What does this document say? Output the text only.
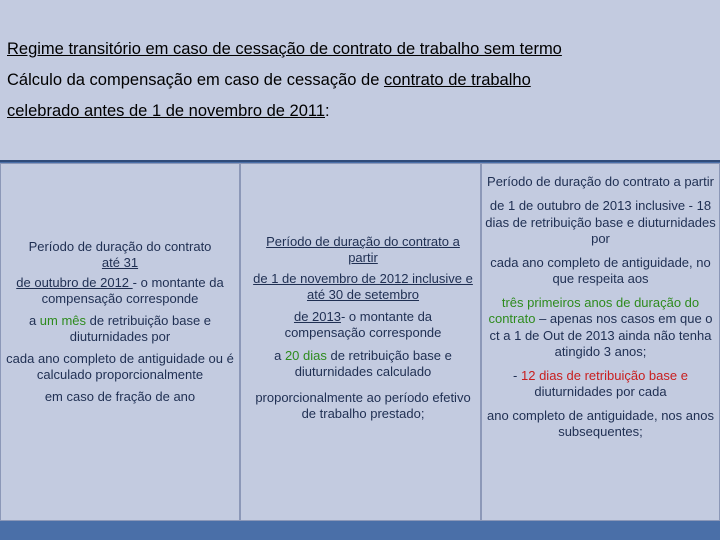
Regime transitório em caso de cessação de contrato de trabalho sem termo
Cálculo da compensação em caso de cessação de contrato de trabalho
celebrado antes de 1 de novembro de 2011:

Período de duração do contrato
até 31

de outubro de 2012 - o montante da compensação corresponde

a um mês de retribuição base e diuturnidades por

cada ano completo de antiguidade ou é calculado proporcionalmente

em caso de fração de ano

Período de duração do contrato a partir

de 1 de novembro de 2012 inclusive e até 30 de setembro

de 2013- o montante da compensação corresponde

a 20 dias de retribuição base e diuturnidades calculado

proporcionalmente ao período efetivo de trabalho prestado;

Período de duração do contrato a partir

de 1 de outubro de 2013 inclusive - 18 dias de retribuição base e diuturnidades por

cada ano completo de antiguidade, no que respeita aos

três primeiros anos de duração do contrato – apenas nos casos em que o ct a 1 de Out de 2013 ainda não tenha atingido 3 anos;

- 12 dias de retribuição base e diuturnidades por cada

ano completo de antiguidade, nos anos subsequentes;
